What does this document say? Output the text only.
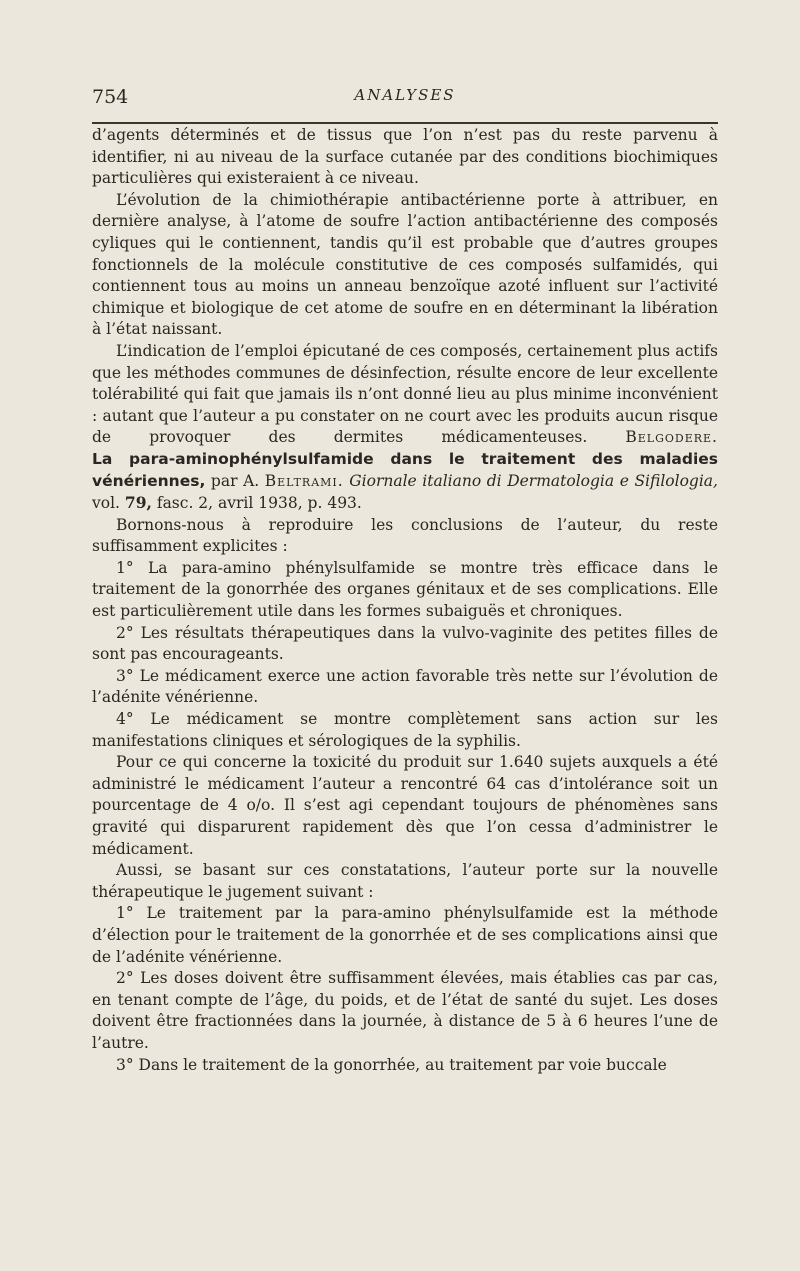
754	ANALYSES

d’agents déterminés et de tissus que l’on n’est pas du reste parvenu à identifier, ni au niveau de la surface cutanée par des conditions biochimiques particulières qui existeraient à ce niveau.

L’évolution de la chimiothérapie antibactérienne porte à attribuer, en dernière analyse, à l’atome de soufre l’action antibactérienne des composés cyliques qui le contiennent, tandis qu’il est probable que d’autres groupes fonctionnels de la molécule constitutive de ces composés sulfamidés, qui contiennent tous au moins un anneau benzoïque azoté influent sur l’activité chimique et biologique de cet atome de soufre en en déterminant la libération à l’état naissant.

L’indication de l’emploi épicutané de ces composés, certainement plus actifs que les méthodes communes de désinfection, résulte encore de leur excellente tolérabilité qui fait que jamais ils n’ont donné lieu au plus minime inconvénient : autant que l’auteur a pu constater on ne court avec les produits aucun risque de provoquer des dermites médicamenteuses. Belgodere.

La para-aminophénylsulfamide dans le traitement des maladies vénériennes, par A. Beltrami. Giornale italiano di Dermatologia e Sifilologia, vol. 79, fasc. 2, avril 1938, p. 493.

Bornons-nous à reproduire les conclusions de l’auteur, du reste suffisamment explicites :

1° La para-amino phénylsulfamide se montre très efficace dans le traitement de la gonorrhée des organes génitaux et de ses complications. Elle est particulièrement utile dans les formes subaiguës et chroniques.

2° Les résultats thérapeutiques dans la vulvo-vaginite des petites filles de sont pas encourageants.

3° Le médicament exerce une action favorable très nette sur l’évolution de l’adénite vénérienne.

4° Le médicament se montre complètement sans action sur les manifestations cliniques et sérologiques de la syphilis.

Pour ce qui concerne la toxicité du produit sur 1.640 sujets auxquels a été administré le médicament l’auteur a rencontré 64 cas d’intolérance soit un pourcentage de 4 o/o. Il s’est agi cependant toujours de phénomènes sans gravité qui disparurent rapidement dès que l’on cessa d’administrer le médicament.

Aussi, se basant sur ces constatations, l’auteur porte sur la nouvelle thérapeutique le jugement suivant :

1° Le traitement par la para-amino phénylsulfamide est la méthode d’élection pour le traitement de la gonorrhée et de ses complications ainsi que de l’adénite vénérienne.

2° Les doses doivent être suffisamment élevées, mais établies cas par cas, en tenant compte de l’âge, du poids, et de l’état de santé du sujet. Les doses doivent être fractionnées dans la journée, à distance de 5 à 6 heures l’une de l’autre.

3° Dans le traitement de la gonorrhée, au traitement par voie buccale
